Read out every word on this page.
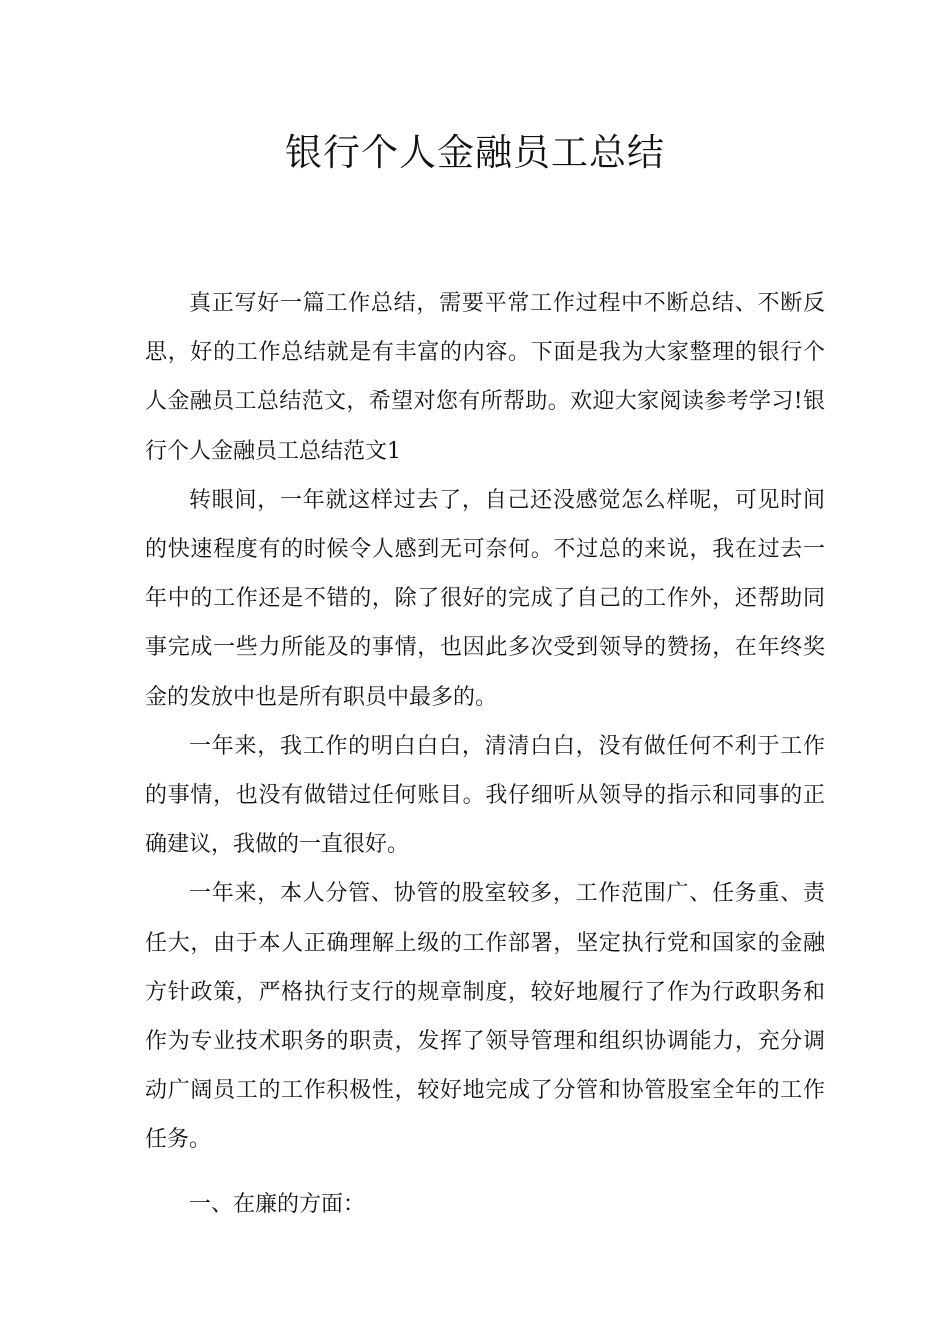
银行个人金融员工总结

真正写好一篇工作总结，需要平常工作过程中不断总结、不断反思，好的工作总结就是有丰富的内容。下面是我为大家整理的银行个人金融员工总结范文，希望对您有所帮助。欢迎大家阅读参考学习!银行个人金融员工总结范文1

转眼间，一年就这样过去了，自己还没感觉怎么样呢，可见时间的快速程度有的时候令人感到无可奈何。不过总的来说，我在过去一年中的工作还是不错的，除了很好的完成了自己的工作外，还帮助同事完成一些力所能及的事情，也因此多次受到领导的赞扬，在年终奖金的发放中也是所有职员中最多的。

一年来，我工作的明白白白，清清白白，没有做任何不利于工作的事情，也没有做错过任何账目。我仔细听从领导的指示和同事的正确建议，我做的一直很好。

一年来，本人分管、协管的股室较多，工作范围广、任务重、责任大，由于本人正确理解上级的工作部署，坚定执行党和国家的金融方针政策，严格执行支行的规章制度，较好地履行了作为行政职务和作为专业技术职务的职责，发挥了领导管理和组织协调能力，充分调动广阔员工的工作积极性，较好地完成了分管和协管股室全年的工作任务。

一、在廉的方面：
